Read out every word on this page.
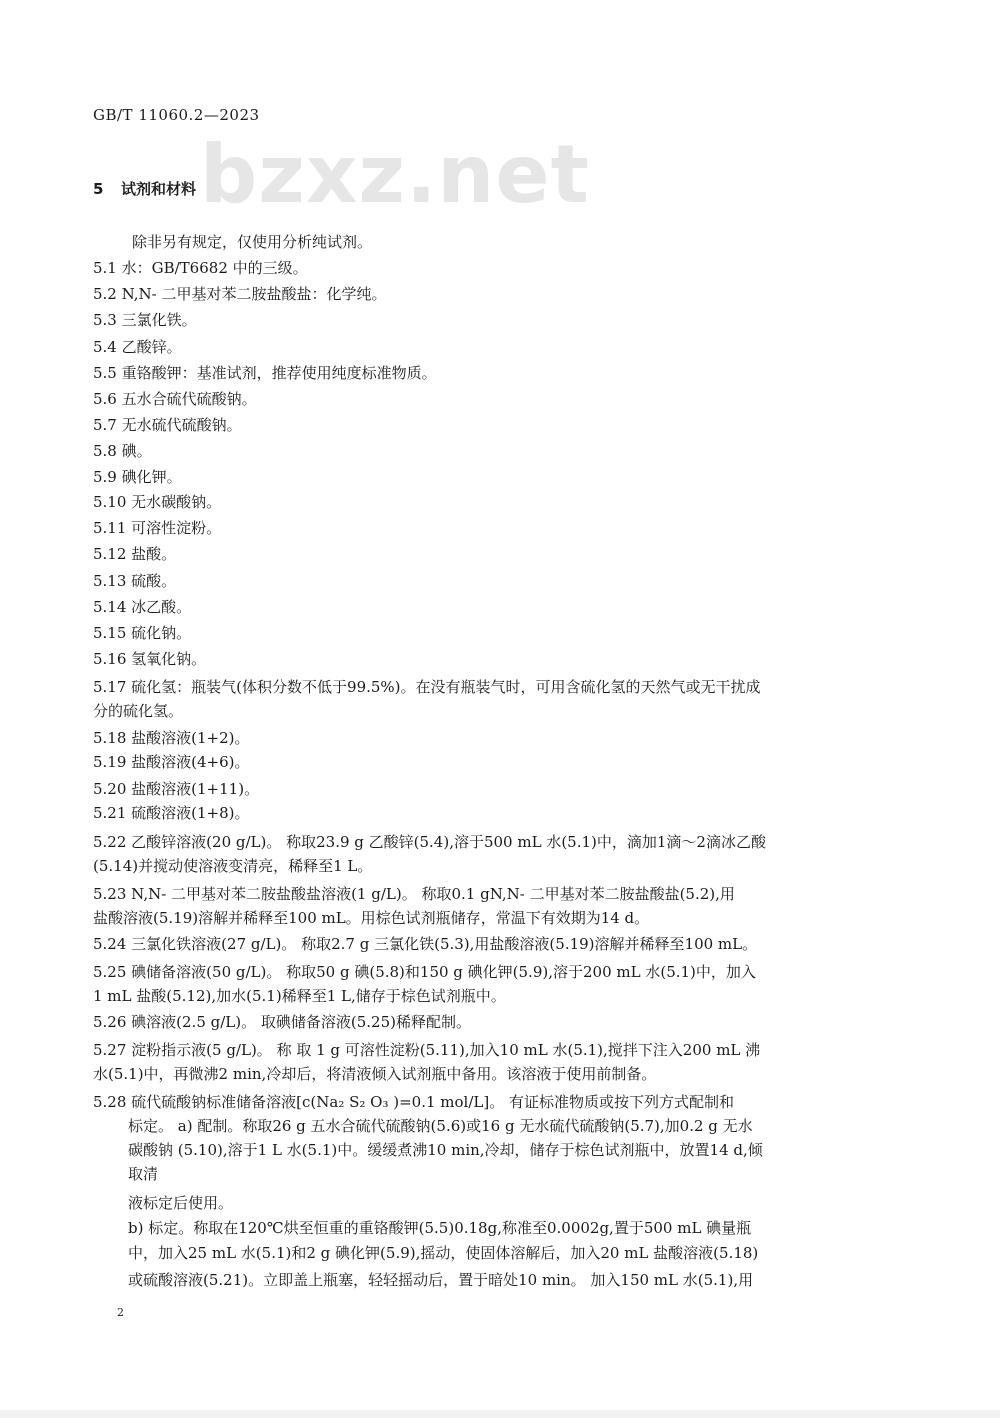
GB/T 11060.2—2023
bzxz.net
5 试剂和材料
除非另有规定，仅使用分析纯试剂。
5.1 水：GB/T6682 中的三级。
5.2 N,N- 二甲基对苯二胺盐酸盐：化学纯。
5.3 三氯化铁。
5.4 乙酸锌。
5.5 重铬酸钾：基准试剂，推荐使用纯度标准物质。
5.6 五水合硫代硫酸钠。
5.7 无水硫代硫酸钠。
5.8 碘。
5.9 碘化钾。
5.10 无水碳酸钠。
5.11 可溶性淀粉。
5.12 盐酸。
5.13 硫酸。
5.14 冰乙酸。
5.15 硫化钠。
5.16 氢氧化钠。
5.17 硫化氢：瓶装气(体积分数不低于99.5%)。在没有瓶装气时，可用含硫化氢的天然气或无干扰成
分的硫化氢。
5.18 盐酸溶液(1+2)。
5.19 盐酸溶液(4+6)。
5.20 盐酸溶液(1+11)。
5.21 硫酸溶液(1+8)。
5.22 乙酸锌溶液(20 g/L)。 称取23.9 g 乙酸锌(5.4),溶于500 mL 水(5.1)中，滴加1滴～2滴冰乙酸
(5.14)并搅动使溶液变清亮，稀释至1 L。
5.23 N,N- 二甲基对苯二胺盐酸盐溶液(1 g/L)。 称取0.1 gN,N- 二甲基对苯二胺盐酸盐(5.2),用
盐酸溶液(5.19)溶解并稀释至100 mL。用棕色试剂瓶储存，常温下有效期为14 d。
5.24 三氯化铁溶液(27 g/L)。 称取2.7 g 三氯化铁(5.3),用盐酸溶液(5.19)溶解并稀释至100 mL。
5.25 碘储备溶液(50 g/L)。 称取50 g 碘(5.8)和150 g 碘化钾(5.9),溶于200 mL 水(5.1)中，加入
1 mL 盐酸(5.12),加水(5.1)稀释至1 L,储存于棕色试剂瓶中。
5.26 碘溶液(2.5 g/L)。 取碘储备溶液(5.25)稀释配制。
5.27 淀粉指示液(5 g/L)。 称 取 1 g 可溶性淀粉(5.11),加入10 mL 水(5.1),搅拌下注入200 mL 沸
水(5.1)中，再微沸2 min,冷却后，将清液倾入试剂瓶中备用。该溶液于使用前制备。
5.28 硫代硫酸钠标准储备溶液[c(Na₂ S₂ O₃ )=0.1 mol/L]。 有证标准物质或按下列方式配制和
标定。 a) 配制。称取26 g 五水合硫代硫酸钠(5.6)或16 g 无水硫代硫酸钠(5.7),加0.2 g 无水
碳酸钠 (5.10),溶于1 L 水(5.1)中。缓缓煮沸10 min,冷却，储存于棕色试剂瓶中，放置14 d,倾
取清
液标定后使用。
b) 标定。称取在120℃烘至恒重的重铬酸钾(5.5)0.18g,称准至0.0002g,置于500 mL 碘量瓶
中，加入25 mL 水(5.1)和2 g 碘化钾(5.9),摇动，使固体溶解后，加入20 mL 盐酸溶液(5.18)
或硫酸溶液(5.21)。立即盖上瓶塞，轻轻摇动后，置于暗处10 min。 加入150 mL 水(5.1),用
2
